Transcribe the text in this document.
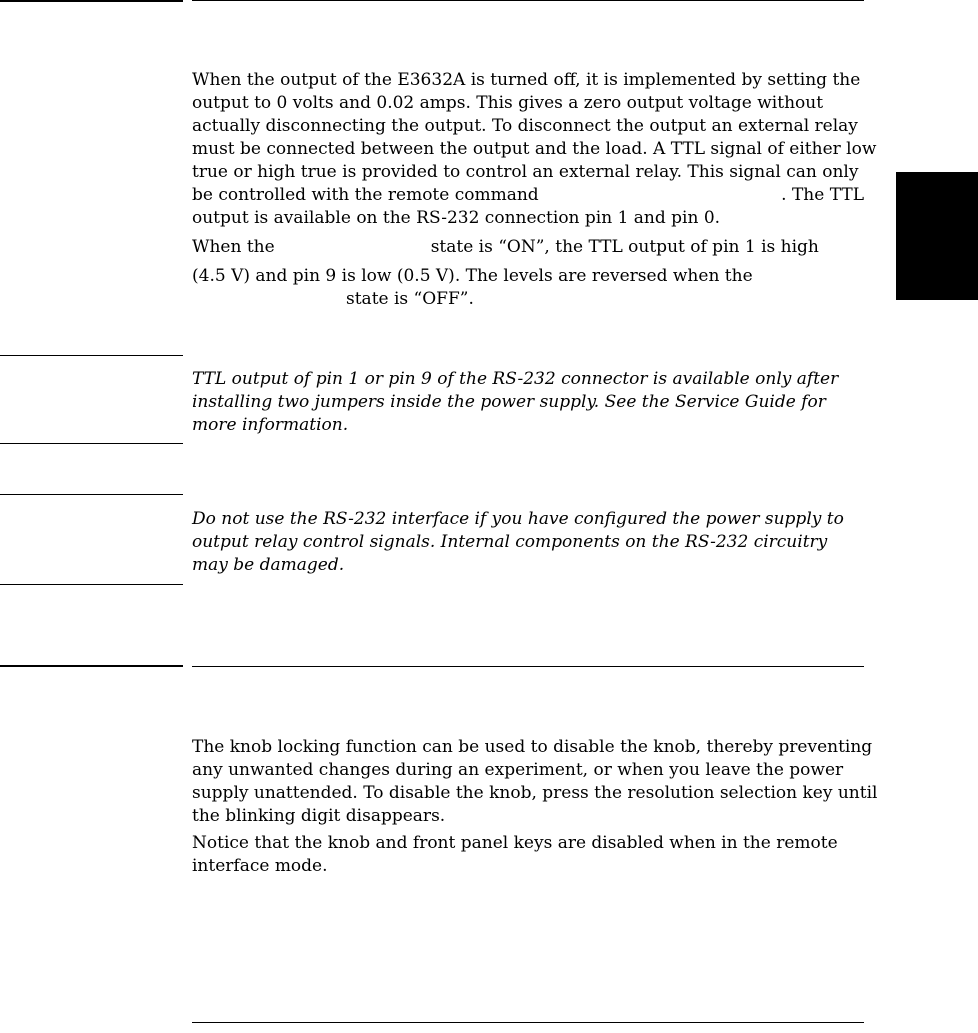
When the output of the E3632A is turned off, it is implemented by setting the
output to 0 volts and 0.02 amps. This gives a zero output voltage without
actually disconnecting the output. To disconnect the output an external relay
must be connected between the output and the load. A TTL signal of either low
true or high true is provided to control an external relay. This signal can only
be controlled with the remote command	. The TTL
output is available on the RS-232 connection pin 1 and pin 0.
When the	state is “ON”, the TTL output of pin 1 is high
(4.5 V) and pin 9 is low (0.5 V). The levels are reversed when the
state is “OFF”.
TTL output of pin 1 or pin 9 of the RS-232 connector is available only after
installing two jumpers inside the power supply. See the Service Guide for
more information.
Do not use the RS-232 interface if you have configured the power supply to
output relay control signals. Internal components on the RS-232 circuitry
may be damaged.
The knob locking function can be used to disable the knob, thereby preventing
any unwanted changes during an experiment, or when you leave the power
supply unattended. To disable the knob, press the resolution selection key until
the blinking digit disappears.
Notice that the knob and front panel keys are disabled when in the remote
interface mode.
